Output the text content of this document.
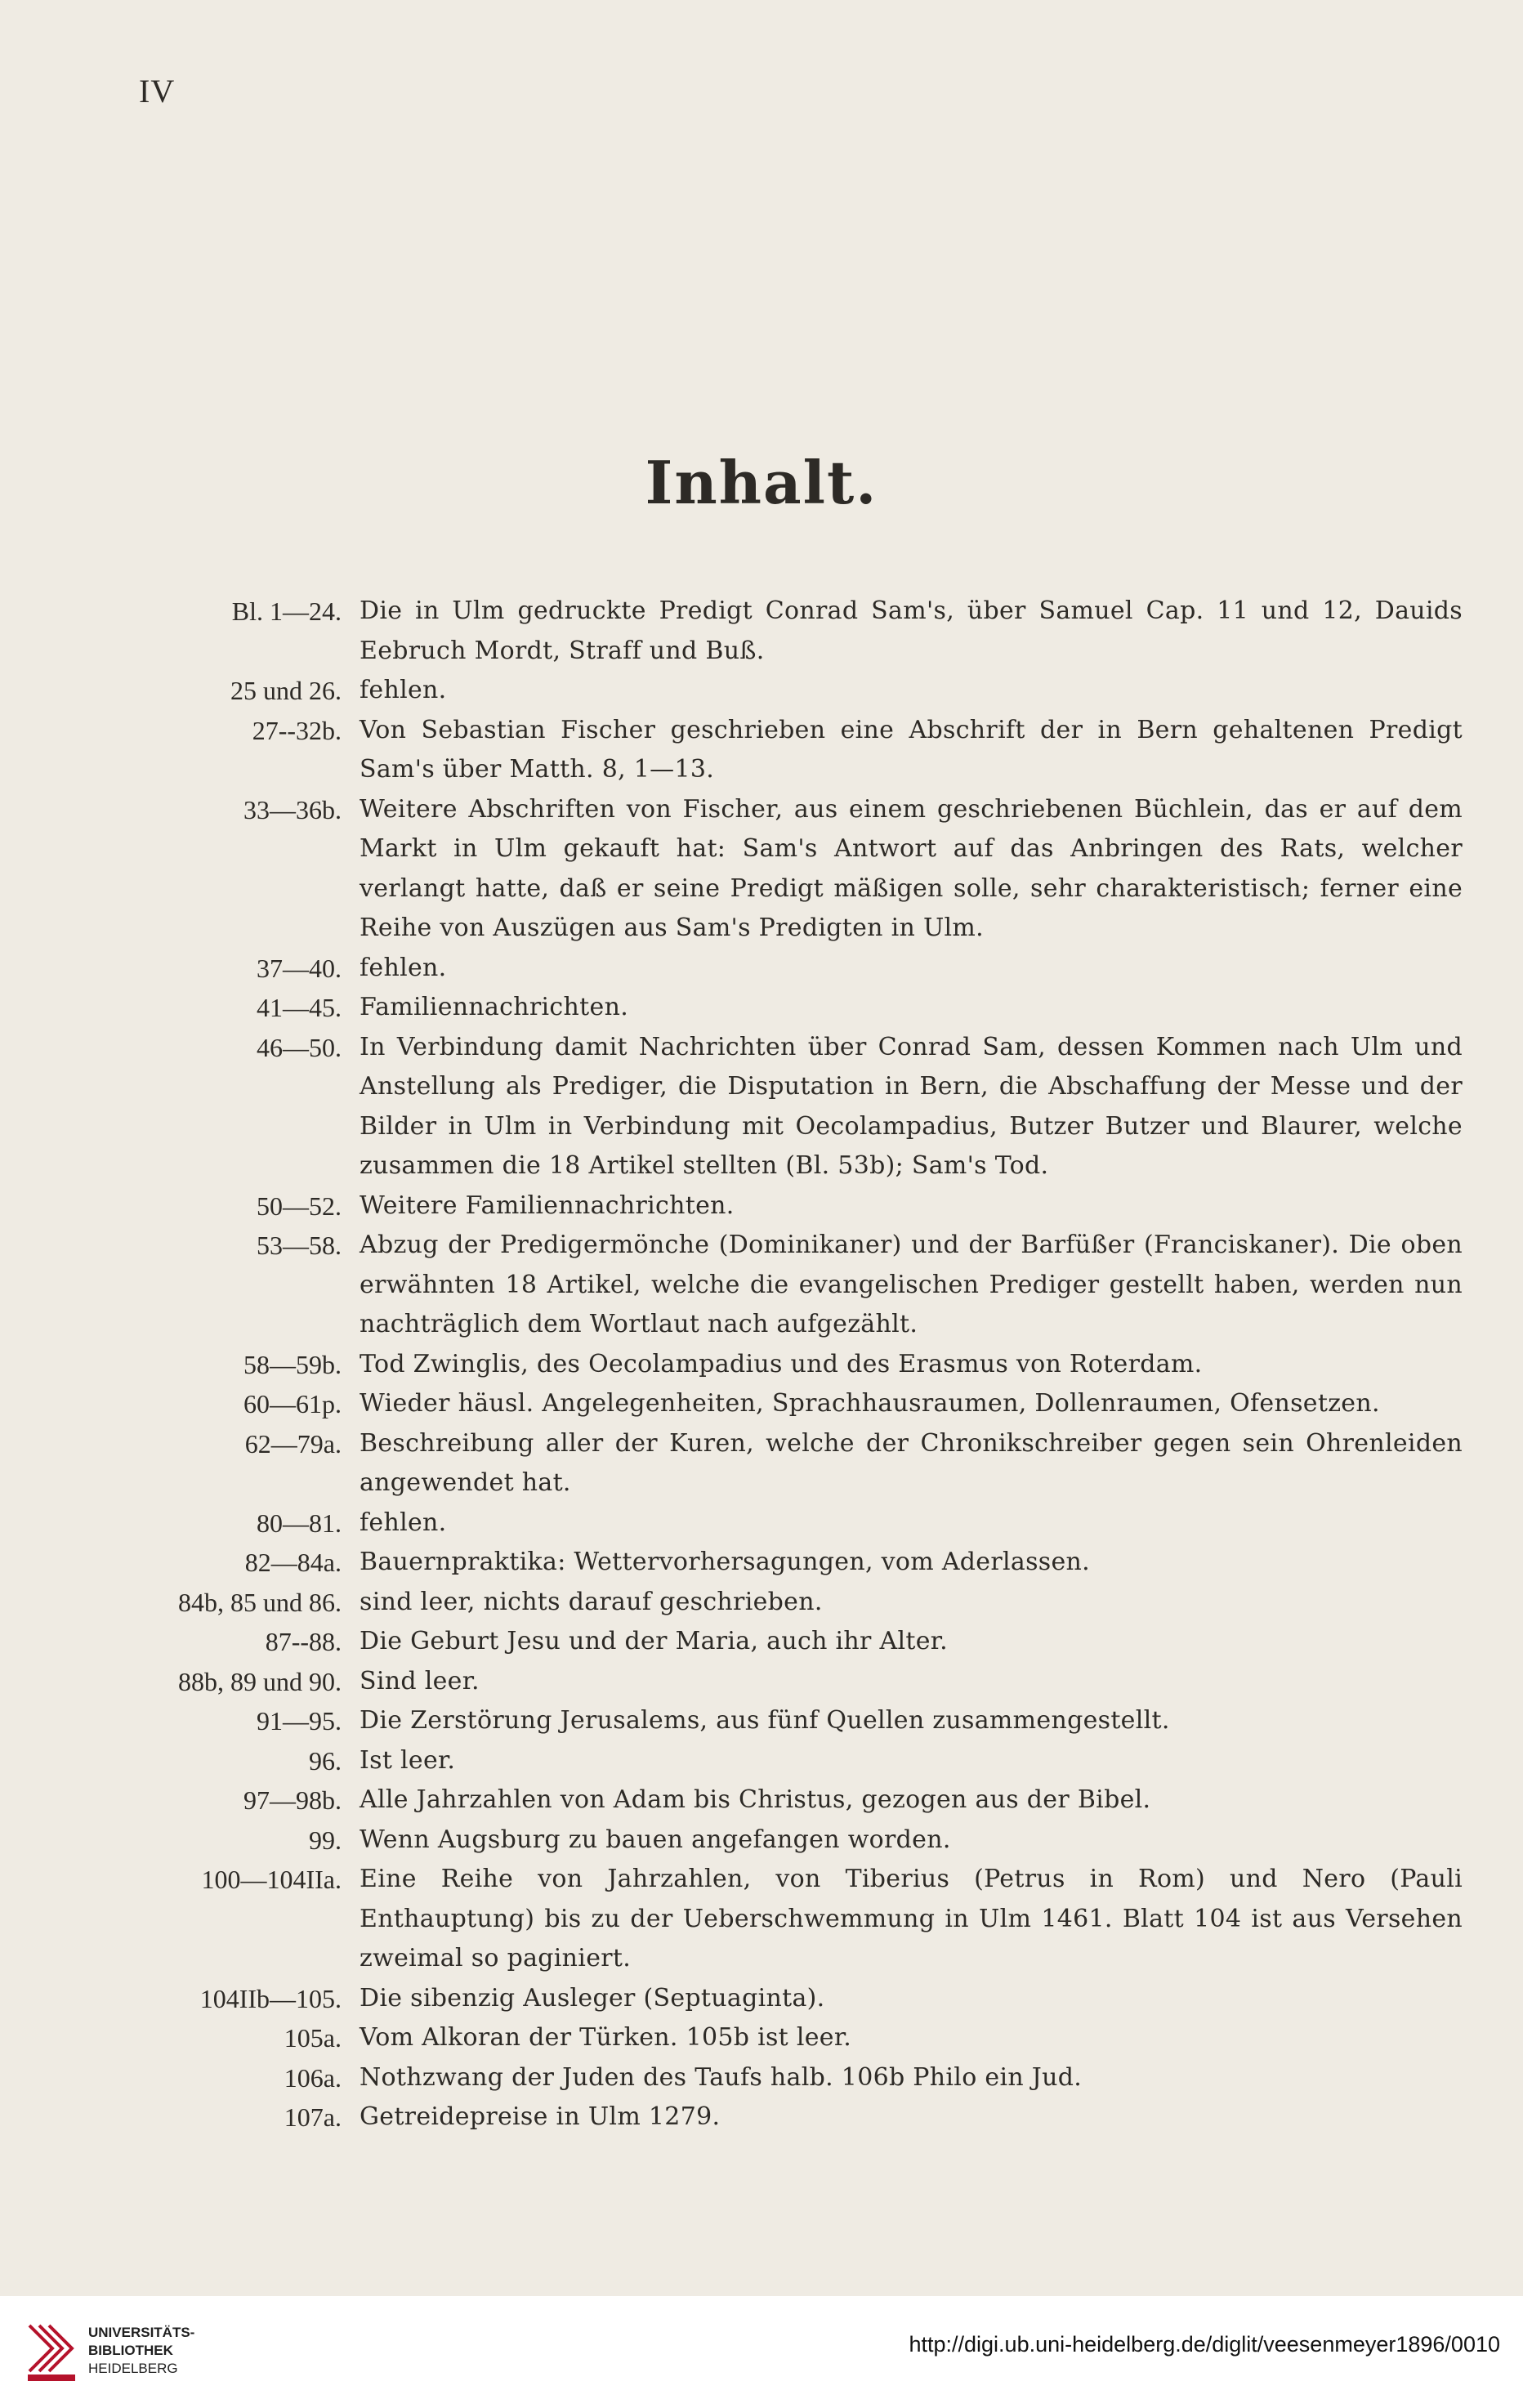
IV
Inhalt.
Bl. 1—24. Die in Ulm gedruckte Predigt Conrad Sam's, über Samuel Cap. 11 und 12, Dauids Eebruch Mordt, Straff und Buß.
25 und 26. fehlen.
27--32b. Von Sebastian Fischer geschrieben eine Abschrift der in Bern gehaltenen Predigt Sam's über Matth. 8, 1—13.
33—36b. Weitere Abschriften von Fischer, aus einem geschriebenen Büchlein, das er auf dem Markt in Ulm gekauft hat: Sam's Antwort auf das Anbringen des Rats, welcher verlangt hatte, daß er seine Predigt mäßigen solle, sehr charakteristisch; ferner eine Reihe von Auszügen aus Sam's Predigten in Ulm.
37—40. fehlen.
41—45. Familiennachrichten.
46—50. In Verbindung damit Nachrichten über Conrad Sam, dessen Kommen nach Ulm und Anstellung als Prediger, die Disputation in Bern, die Abschaffung der Messe und der Bilder in Ulm in Verbindung mit Oecolampadius, Butzer Butzer und Blaurer, welche zusammen die 18 Artikel stellten (Bl. 53b); Sam's Tod.
50—52. Weitere Familiennachrichten.
53—58. Abzug der Predigermönche (Dominikaner) und der Barfüßer (Franciskaner). Die oben erwähnten 18 Artikel, welche die evangelischen Prediger gestellt haben, werden nun nachträglich dem Wortlaut nach aufgezählt.
58—59b. Tod Zwinglis, des Oecolampadius und des Erasmus von Roterdam.
60—61p. Wieder häusl. Angelegenheiten, Sprachhausraumen, Dollenraumen, Ofensetzen.
62—79a. Beschreibung aller der Kuren, welche der Chronikschreiber gegen sein Ohrenleiden angewendet hat.
80—81. fehlen.
82—84a. Bauernpraktika: Wettervorhersagungen, vom Aderlassen.
84b, 85 und 86. sind leer, nichts darauf geschrieben.
87--88. Die Geburt Jesu und der Maria, auch ihr Alter.
88b, 89 und 90. Sind leer.
91—95. Die Zerstörung Jerusalems, aus fünf Quellen zusammengestellt.
96. Ist leer.
97—98b. Alle Jahrzahlen von Adam bis Christus, gezogen aus der Bibel.
99. Wenn Augsburg zu bauen angefangen worden.
100—104IIa. Eine Reihe von Jahrzahlen, von Tiberius (Petrus in Rom) und Nero (Pauli Enthauptung) bis zu der Ueberschwemmung in Ulm 1461. Blatt 104 ist aus Versehen zweimal so paginiert.
104IIb—105. Die sibenzig Ausleger (Septuaginta).
105a. Vom Alkoran der Türken. 105b ist leer.
106a. Nothzwang der Juden des Taufs halb. 106b Philo ein Jud.
107a. Getreidepreise in Ulm 1279.
UNIVERSITÄTS-
BIBLIOTHEK
HEIDELBERG
http://digi.ub.uni-heidelberg.de/diglit/veesenmeyer1896/0010
